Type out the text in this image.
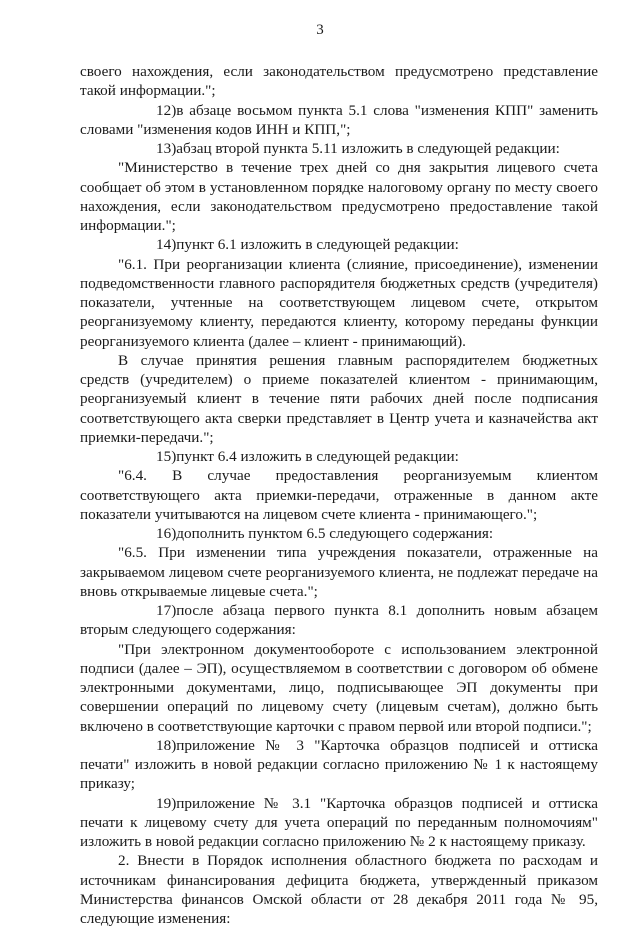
3

своего нахождения, если законодательством предусмотрено представление такой информации.";

12)в абзаце восьмом пункта 5.1 слова "изменения КПП" заменить словами "изменения кодов ИНН и КПП,";

13)абзац второй пункта 5.11 изложить в следующей редакции:

"Министерство в течение трех дней со дня закрытия лицевого счета сообщает об этом в установленном порядке налоговому органу по месту своего нахождения, если законодательством предусмотрено предоставление такой информации.";

14)пункт 6.1 изложить в следующей редакции:

"6.1. При реорганизации клиента (слияние, присоединение), изменении подведомственности главного распорядителя бюджетных средств (учредителя) показатели, учтенные на соответствующем лицевом счете, открытом реорганизуемому клиенту, передаются клиенту, которому переданы функции реорганизуемого клиента (далее – клиент - принимающий).

В случае принятия решения главным распорядителем бюджетных средств (учредителем) о приеме показателей клиентом - принимающим, реорганизуемый клиент в течение пяти рабочих дней после подписания соответствующего акта сверки представляет в Центр учета и казначейства акт приемки-передачи.";

15)пункт 6.4 изложить в следующей редакции:

"6.4. В случае предоставления реорганизуемым клиентом соответствующего акта приемки-передачи, отраженные в данном акте показатели учитываются на лицевом счете клиента - принимающего.";

16)дополнить пунктом 6.5 следующего содержания:

"6.5. При изменении типа учреждения показатели, отраженные на закрываемом лицевом счете реорганизуемого клиента, не подлежат передаче на вновь открываемые лицевые счета.";

17)после абзаца первого пункта 8.1 дополнить новым абзацем вторым следующего содержания:

"При электронном документообороте с использованием электронной подписи (далее – ЭП), осуществляемом в соответствии с договором об обмене электронными документами, лицо, подписывающее ЭП документы при совершении операций по лицевому счету (лицевым счетам), должно быть включено в соответствующие карточки с правом первой или второй подписи.";

18)приложение № 3 "Карточка образцов подписей и оттиска печати" изложить в новой редакции согласно приложению № 1 к настоящему приказу;

19)приложение № 3.1 "Карточка образцов подписей и оттиска печати к лицевому счету для учета операций по переданным полномочиям" изложить в новой редакции согласно приложению № 2 к настоящему приказу.

2. Внести в Порядок исполнения областного бюджета по расходам и источникам финансирования дефицита бюджета, утвержденный приказом Министерства финансов Омской области от 28 декабря 2011 года № 95, следующие изменения:
